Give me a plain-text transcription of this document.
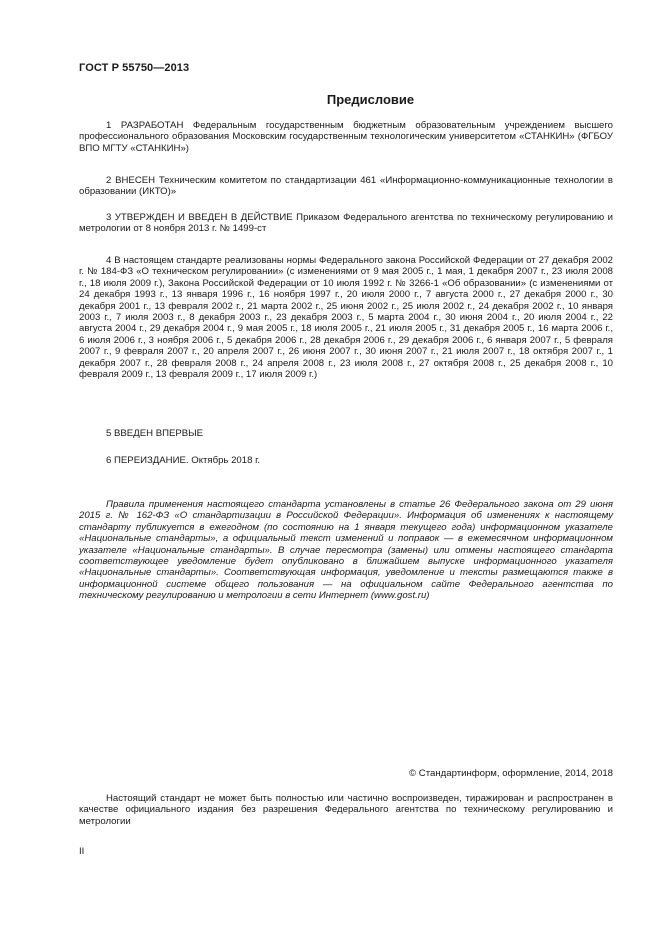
ГОСТ Р 55750—2013
Предисловие

1 РАЗРАБОТАН Федеральным государственным бюджетным образовательным учреждением высшего профессионального образования Московским государственным технологическим университетом «СТАНКИН» (ФГБОУ ВПО МГТУ «СТАНКИН»)

2 ВНЕСЕН Техническим комитетом по стандартизации 461 «Информационно-коммуникационные технологии в образовании (ИКТО)»

3 УТВЕРЖДЕН И ВВЕДЕН В ДЕЙСТВИЕ Приказом Федерального агентства по техническому регулированию и метрологии от 8 ноября 2013 г. № 1499-ст

4 В настоящем стандарте реализованы нормы Федерального закона Российской Федерации от 27 декабря 2002 г. № 184-ФЗ «О техническом регулировании» (с изменениями от 9 мая 2005 г., 1 мая, 1 декабря 2007 г., 23 июля 2008 г., 18 июля 2009 г.), Закона Российской Федерации от 10 июля 1992 г. № 3266-1 «Об образовании» (с изменениями от 24 декабря 1993 г., 13 января 1996 г., 16 ноября 1997 г., 20 июля 2000 г., 7 августа 2000 г., 27 декабря 2000 г., 30 декабря 2001 г., 13 февраля 2002 г., 21 марта 2002 г., 25 июня 2002 г., 25 июля 2002 г., 24 декабря 2002 г., 10 января 2003 г., 7 июля 2003 г., 8 декабря 2003 г., 23 декабря 2003 г., 5 марта 2004 г., 30 июня 2004 г., 20 июля 2004 г., 22 августа 2004 г., 29 декабря 2004 г., 9 мая 2005 г., 18 июля 2005 г., 21 июля 2005 г., 31 декабря 2005 г., 16 марта 2006 г., 6 июля 2006 г., 3 ноября 2006 г., 5 декабря 2006 г., 28 декабря 2006 г., 29 декабря 2006 г., 6 января 2007 г., 5 февраля 2007 г., 9 февраля 2007 г., 20 апреля 2007 г., 26 июня 2007 г., 30 июня 2007 г., 21 июля 2007 г., 18 октября 2007 г., 1 декабря 2007 г., 28 февраля 2008 г., 24 апреля 2008 г., 23 июля 2008 г., 27 октября 2008 г., 25 декабря 2008 г., 10 февраля 2009 г., 13 февраля 2009 г., 17 июля 2009 г.)

5 ВВЕДЕН ВПЕРВЫЕ

6 ПЕРЕИЗДАНИЕ. Октябрь 2018 г.

Правила применения настоящего стандарта установлены в статье 26 Федерального закона от 29 июня 2015 г. № 162-ФЗ «О стандартизации в Российской Федерации». Информация об изменениях к настоящему стандарту публикуется в ежегодном (по состоянию на 1 января текущего года) информационном указателе «Национальные стандарты», а официальный текст изменений и поправок — в ежемесячном информационном указателе «Национальные стандарты». В случае пересмотра (замены) или отмены настоящего стандарта соответствующее уведомление будет опубликовано в ближайшем выпуске информационного указателя «Национальные стандарты». Соответствующая информация, уведомление и тексты размещаются также в информационной системе общего пользования — на официальном сайте Федерального агентства по техническому регулированию и метрологии в сети Интернет (www.gost.ru)

© Стандартинформ, оформление, 2014, 2018

Настоящий стандарт не может быть полностью или частично воспроизведен, тиражирован и распространен в качестве официального издания без разрешения Федерального агентства по техническому регулированию и метрологии

II
